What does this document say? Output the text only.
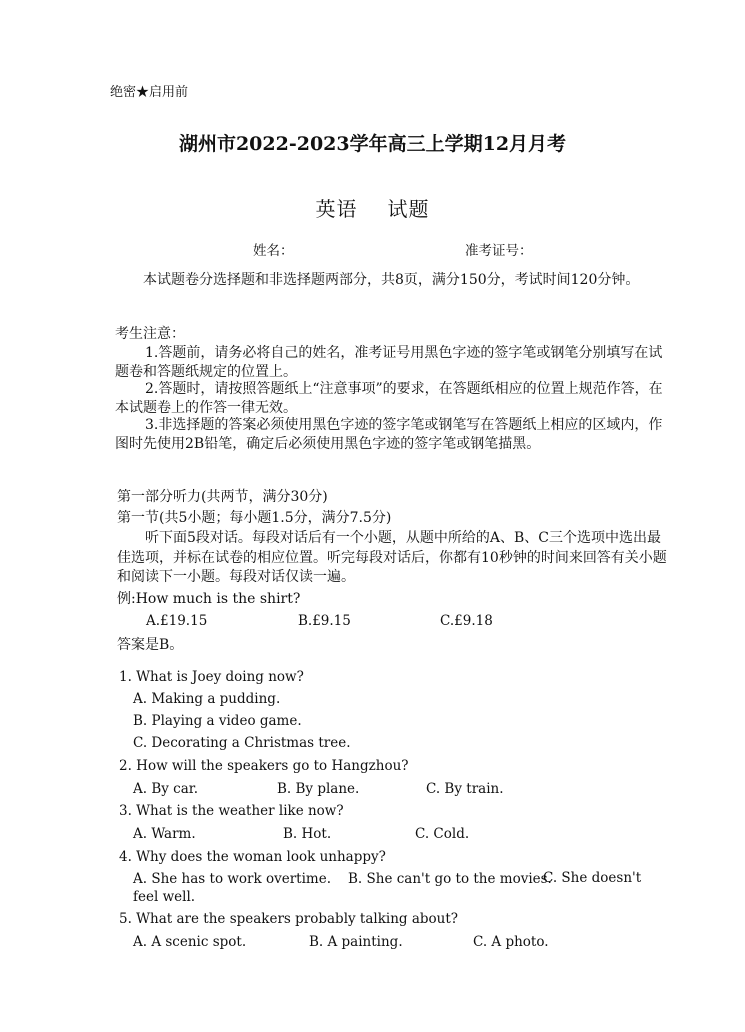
绝密★启用前
湖州市2022-2023学年高三上学期12月月考
英语 试题
姓名：	准考证号：
本试题卷分选择题和非选择题两部分，共8页，满分150分，考试时间120分钟。
考生注意：
1.答题前，请务必将自己的姓名，准考证号用黑色字迹的签字笔或钢笔分别填写在试题卷和答题纸规定的位置上。
2.答题时，请按照答题纸上“注意事项”的要求，在答题纸相应的位置上规范作答，在本试题卷上的作答一律无效。
3.非选择题的答案必须使用黑色字迹的签字笔或钢笔写在答题纸上相应的区域内，作图时先使用2B铅笔，确定后必须使用黑色字迹的签字笔或钢笔描黑。
第一部分听力(共两节，满分30分)
第一节(共5小题；每小题1.5分，满分7.5分)
听下面5段对话。每段对话后有一个小题，从题中所给的A、B、C三个选项中选出最佳选项，并标在试卷的相应位置。听完每段对话后，你都有10秒钟的时间来回答有关小题和阅读下一小题。每段对话仅读一遍。
例:How much is the shirt?
A.£19.15	B.£9.15	C.£9.18
答案是B。
1. What is Joey doing now?
A. Making a pudding.
B. Playing a video game.
C. Decorating a Christmas tree.
2. How will the speakers go to Hangzhou?
A. By car.	B. By plane.	C. By train.
3. What is the weather like now?
A. Warm.	B. Hot.	C. Cold.
4. Why does the woman look unhappy?
A. She has to work overtime. B. She can't go to the movies.
C. She doesn't feel well.
5. What are the speakers probably talking about?
A. A scenic spot.	B. A painting.	C. A photo.
